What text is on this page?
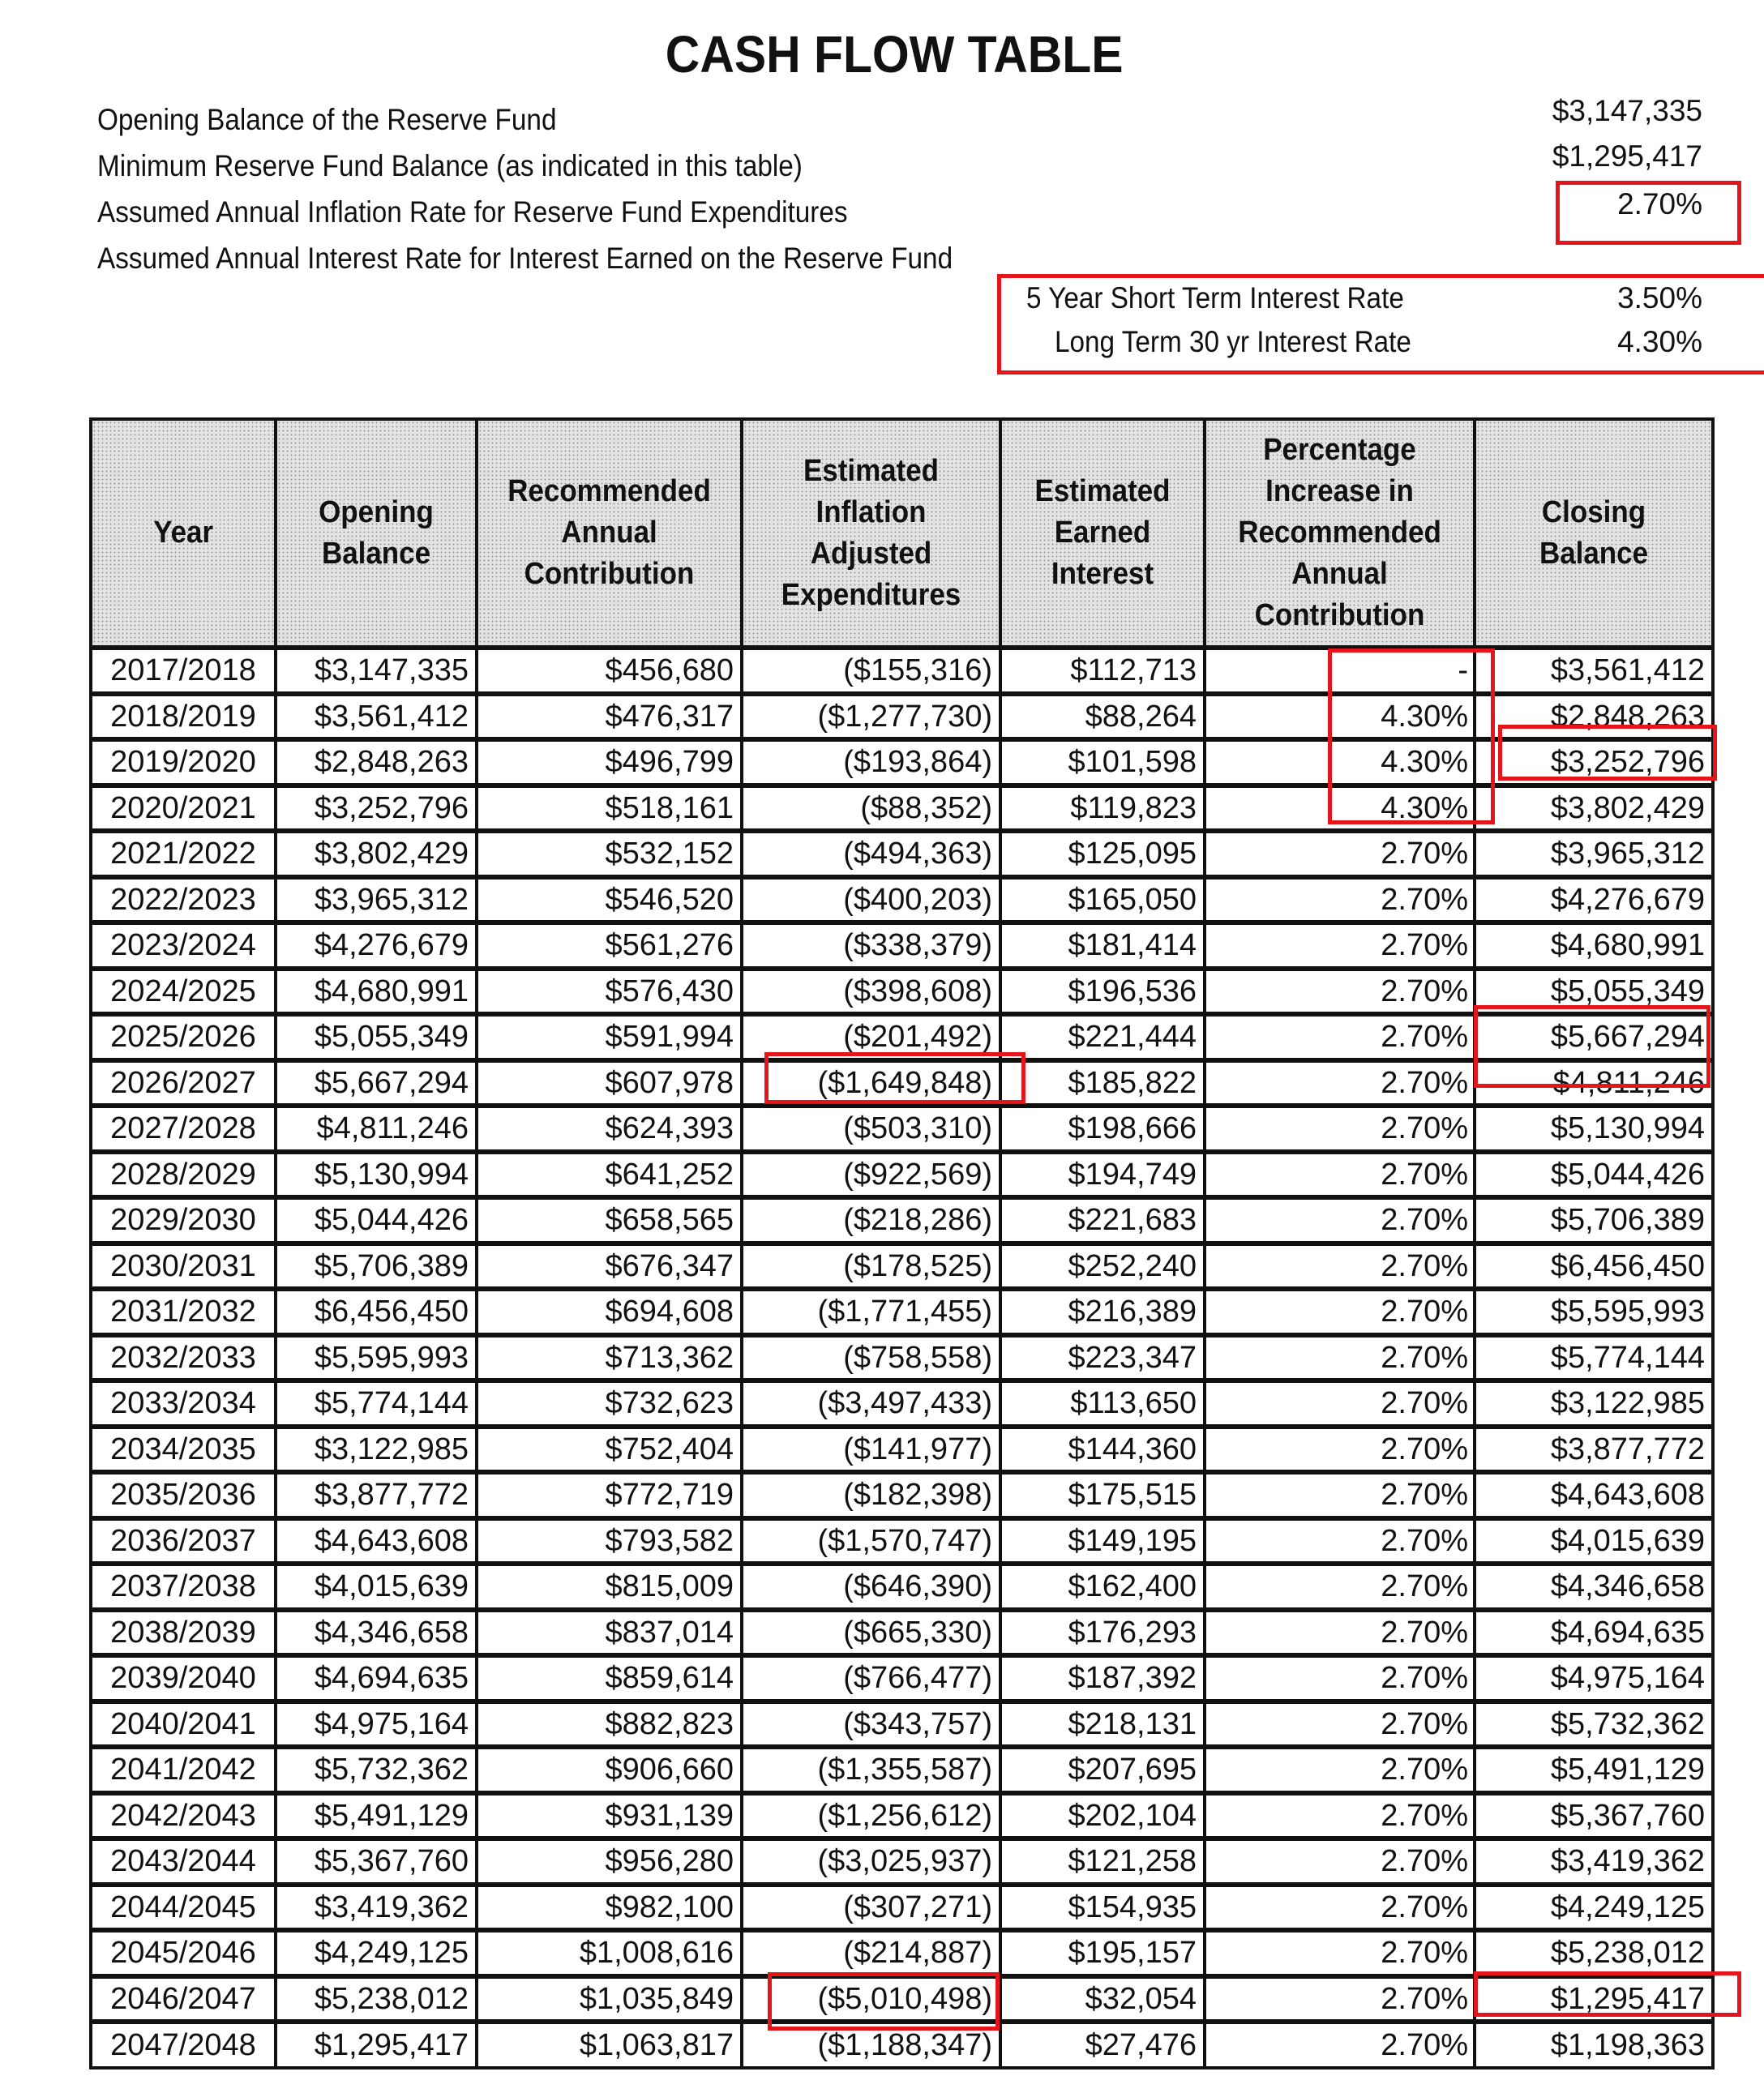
CASH FLOW TABLE
Opening Balance of the Reserve Fund	$3,147,335
Minimum Reserve Fund Balance (as indicated in this table)	$1,295,417
Assumed Annual Inflation Rate for Reserve Fund Expenditures	2.70%
Assumed Annual Interest Rate for Interest Earned on the Reserve Fund
5 Year Short Term Interest Rate	3.50%
Long Term 30 yr Interest Rate	4.30%
Year	Opening Balance	Recommended Annual Contribution	Estimated Inflation Adjusted Expenditures	Estimated Earned Interest	Percentage Increase in Recommended Annual Contribution	Closing Balance
2017/2018	$3,147,335	$456,680	($155,316)	$112,713	-	$3,561,412
2018/2019	$3,561,412	$476,317	($1,277,730)	$88,264	4.30%	$2,848,263
2019/2020	$2,848,263	$496,799	($193,864)	$101,598	4.30%	$3,252,796
2020/2021	$3,252,796	$518,161	($88,352)	$119,823	4.30%	$3,802,429
2021/2022	$3,802,429	$532,152	($494,363)	$125,095	2.70%	$3,965,312
2022/2023	$3,965,312	$546,520	($400,203)	$165,050	2.70%	$4,276,679
2023/2024	$4,276,679	$561,276	($338,379)	$181,414	2.70%	$4,680,991
2024/2025	$4,680,991	$576,430	($398,608)	$196,536	2.70%	$5,055,349
2025/2026	$5,055,349	$591,994	($201,492)	$221,444	2.70%	$5,667,294
2026/2027	$5,667,294	$607,978	($1,649,848)	$185,822	2.70%	$4,811,246
2027/2028	$4,811,246	$624,393	($503,310)	$198,666	2.70%	$5,130,994
2028/2029	$5,130,994	$641,252	($922,569)	$194,749	2.70%	$5,044,426
2029/2030	$5,044,426	$658,565	($218,286)	$221,683	2.70%	$5,706,389
2030/2031	$5,706,389	$676,347	($178,525)	$252,240	2.70%	$6,456,450
2031/2032	$6,456,450	$694,608	($1,771,455)	$216,389	2.70%	$5,595,993
2032/2033	$5,595,993	$713,362	($758,558)	$223,347	2.70%	$5,774,144
2033/2034	$5,774,144	$732,623	($3,497,433)	$113,650	2.70%	$3,122,985
2034/2035	$3,122,985	$752,404	($141,977)	$144,360	2.70%	$3,877,772
2035/2036	$3,877,772	$772,719	($182,398)	$175,515	2.70%	$4,643,608
2036/2037	$4,643,608	$793,582	($1,570,747)	$149,195	2.70%	$4,015,639
2037/2038	$4,015,639	$815,009	($646,390)	$162,400	2.70%	$4,346,658
2038/2039	$4,346,658	$837,014	($665,330)	$176,293	2.70%	$4,694,635
2039/2040	$4,694,635	$859,614	($766,477)	$187,392	2.70%	$4,975,164
2040/2041	$4,975,164	$882,823	($343,757)	$218,131	2.70%	$5,732,362
2041/2042	$5,732,362	$906,660	($1,355,587)	$207,695	2.70%	$5,491,129
2042/2043	$5,491,129	$931,139	($1,256,612)	$202,104	2.70%	$5,367,760
2043/2044	$5,367,760	$956,280	($3,025,937)	$121,258	2.70%	$3,419,362
2044/2045	$3,419,362	$982,100	($307,271)	$154,935	2.70%	$4,249,125
2045/2046	$4,249,125	$1,008,616	($214,887)	$195,157	2.70%	$5,238,012
2046/2047	$5,238,012	$1,035,849	($5,010,498)	$32,054	2.70%	$1,295,417
2047/2048	$1,295,417	$1,063,817	($1,188,347)	$27,476	2.70%	$1,198,363
